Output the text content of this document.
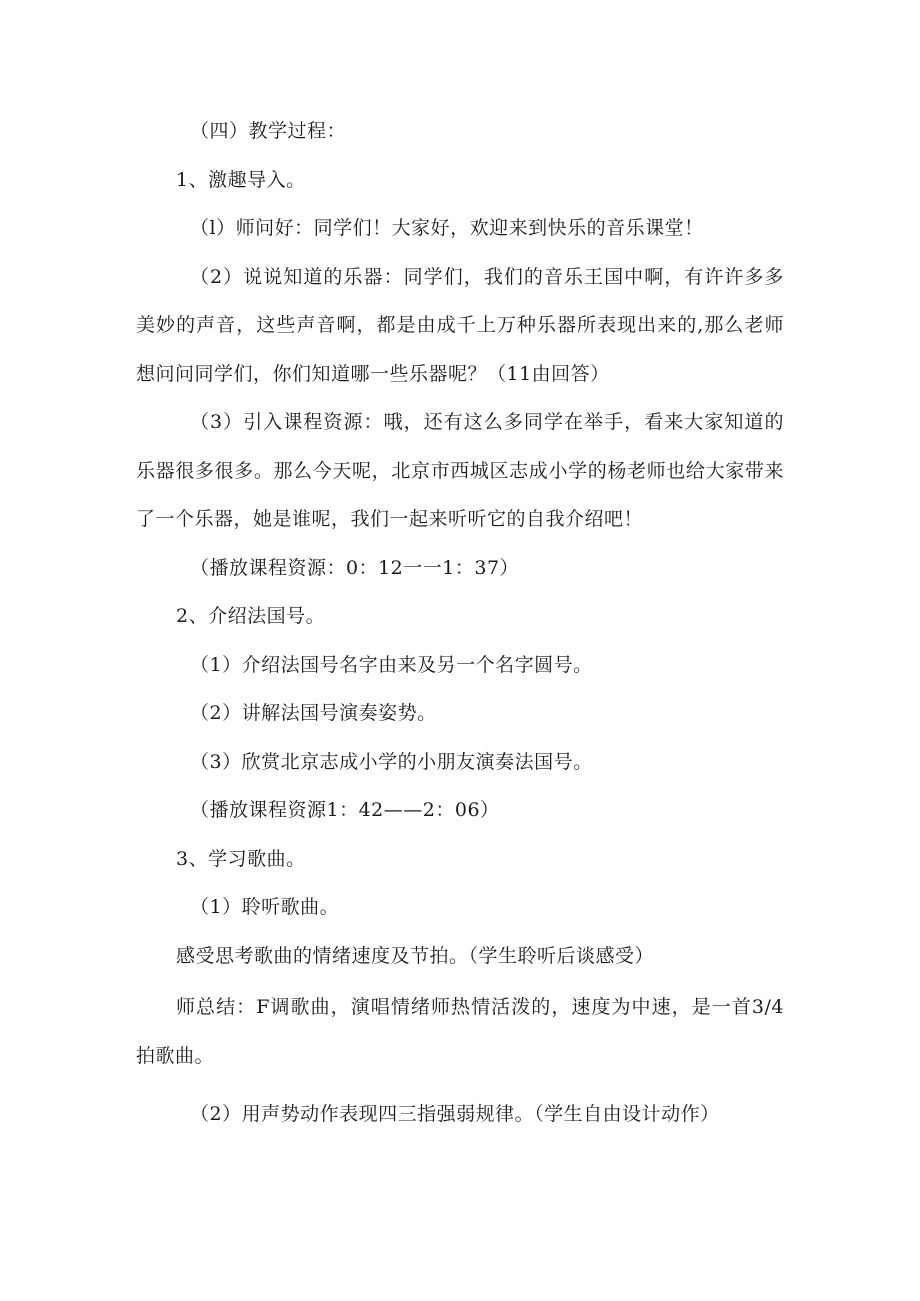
（四）教学过程：
1、激趣导入。
（l）师问好：同学们！大家好，欢迎来到快乐的音乐课堂！
（2）说说知道的乐器：同学们，我们的音乐王国中啊，有许许多多
美妙的声音，这些声音啊，都是由成千上万种乐器所表现出来的,那么老师
想问问同学们，你们知道哪一些乐器呢？（11由回答）
（3）引入课程资源：哦，还有这么多同学在举手，看来大家知道的
乐器很多很多。那么今天呢，北京市西城区志成小学的杨老师也给大家带来
了一个乐器，她是谁呢，我们一起来听听它的自我介绍吧！
（播放课程资源：0：12一一1：37）
2、介绍法国号。
（1）介绍法国号名字由来及另一个名字圆号。
（2）讲解法国号演奏姿势。
（3）欣赏北京志成小学的小朋友演奏法国号。
（播放课程资源1：42——2：06）
3、学习歌曲。
（1）聆听歌曲。
感受思考歌曲的情绪速度及节拍。（学生聆听后谈感受）
师总结：F调歌曲，演唱情绪师热情活泼的，速度为中速，是一首3/4
拍歌曲。
（2）用声势动作表现四三指强弱规律。（学生自由设计动作）
